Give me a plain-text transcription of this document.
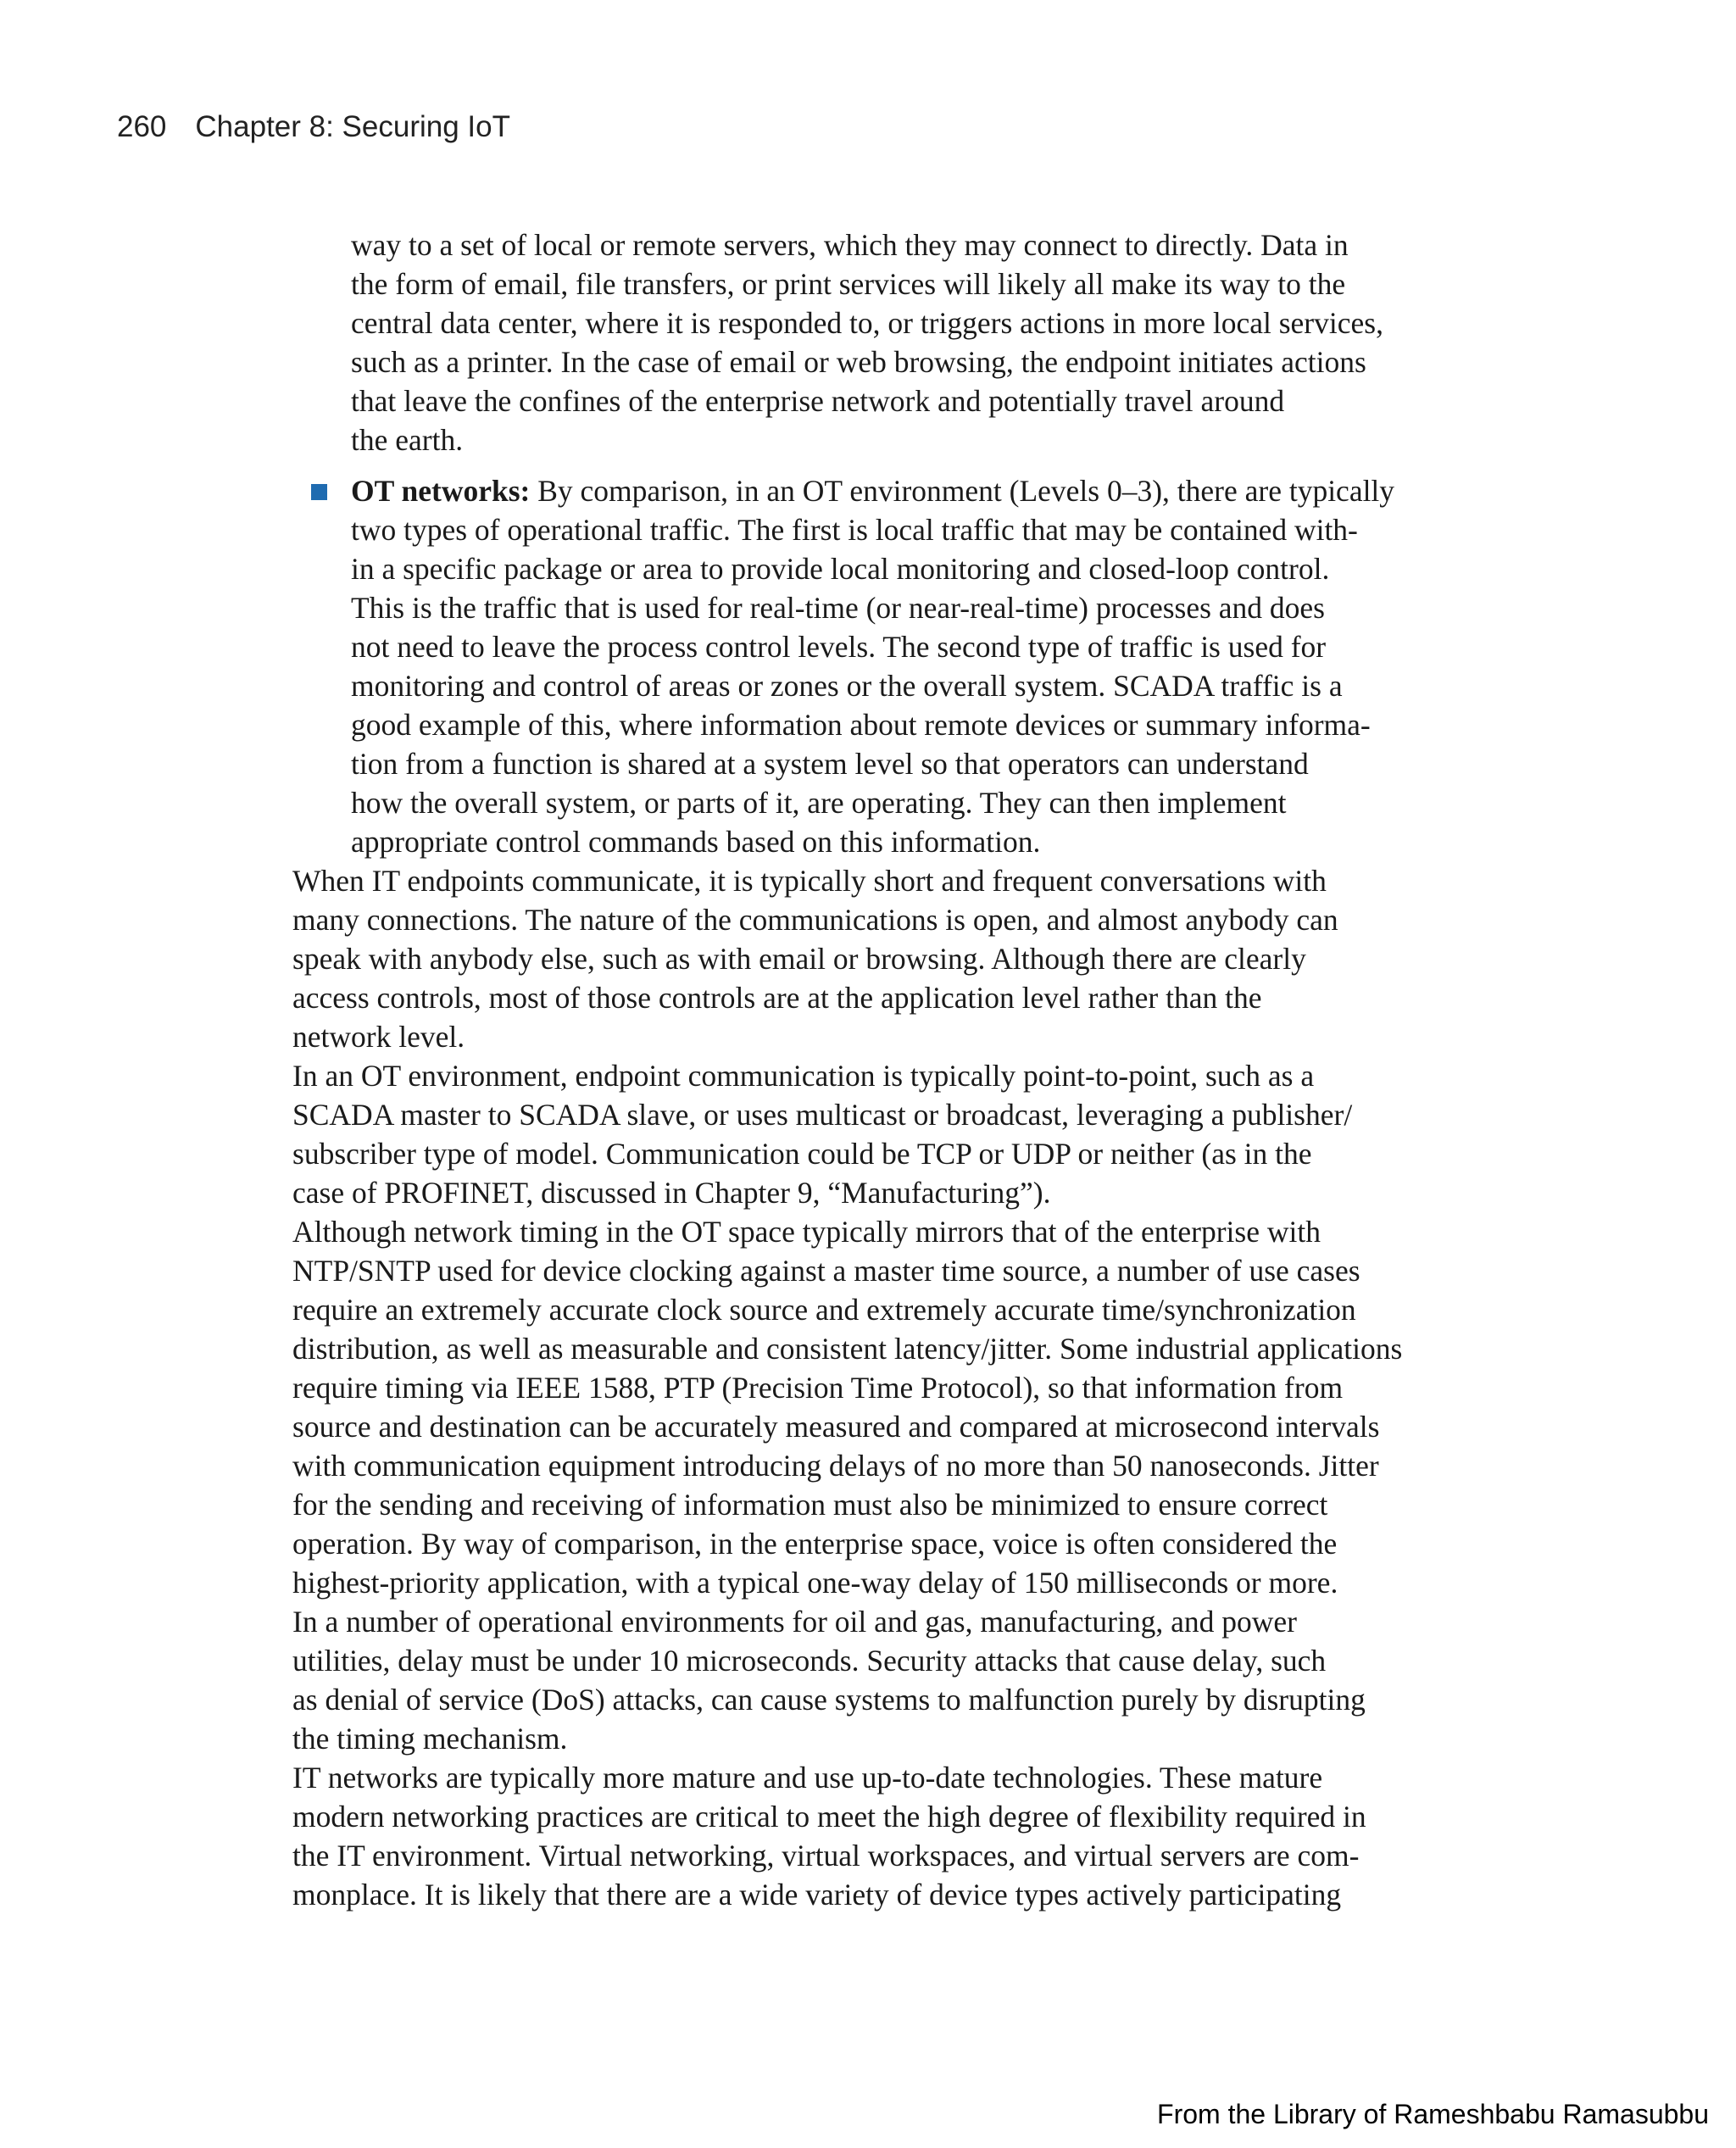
260 Chapter 8: Securing IoT
way to a set of local or remote servers, which they may connect to directly. Data in
the form of email, file transfers, or print services will likely all make its way to the
central data center, where it is responded to, or triggers actions in more local services,
such as a printer. In the case of email or web browsing, the endpoint initiates actions
that leave the confines of the enterprise network and potentially travel around
the earth.
OT networks: By comparison, in an OT environment (Levels 0–3), there are typically
two types of operational traffic. The first is local traffic that may be contained with-
in a specific package or area to provide local monitoring and closed-loop control.
This is the traffic that is used for real-time (or near-real-time) processes and does
not need to leave the process control levels. The second type of traffic is used for
monitoring and control of areas or zones or the overall system. SCADA traffic is a
good example of this, where information about remote devices or summary informa-
tion from a function is shared at a system level so that operators can understand
how the overall system, or parts of it, are operating. They can then implement
appropriate control commands based on this information.

When IT endpoints communicate, it is typically short and frequent conversations with
many connections. The nature of the communications is open, and almost anybody can
speak with anybody else, such as with email or browsing. Although there are clearly
access controls, most of those controls are at the application level rather than the
network level.

In an OT environment, endpoint communication is typically point-to-point, such as a
SCADA master to SCADA slave, or uses multicast or broadcast, leveraging a publisher/
subscriber type of model. Communication could be TCP or UDP or neither (as in the
case of PROFINET, discussed in Chapter 9, “Manufacturing”).

Although network timing in the OT space typically mirrors that of the enterprise with
NTP/SNTP used for device clocking against a master time source, a number of use cases
require an extremely accurate clock source and extremely accurate time/synchronization
distribution, as well as measurable and consistent latency/jitter. Some industrial applications
require timing via IEEE 1588, PTP (Precision Time Protocol), so that information from
source and destination can be accurately measured and compared at microsecond intervals
with communication equipment introducing delays of no more than 50 nanoseconds. Jitter
for the sending and receiving of information must also be minimized to ensure correct
operation. By way of comparison, in the enterprise space, voice is often considered the
highest-priority application, with a typical one-way delay of 150 milliseconds or more.
In a number of operational environments for oil and gas, manufacturing, and power
utilities, delay must be under 10 microseconds. Security attacks that cause delay, such
as denial of service (DoS) attacks, can cause systems to malfunction purely by disrupting
the timing mechanism.

IT networks are typically more mature and use up-to-date technologies. These mature
modern networking practices are critical to meet the high degree of flexibility required in
the IT environment. Virtual networking, virtual workspaces, and virtual servers are com-
monplace. It is likely that there are a wide variety of device types actively participating

From the Library of Rameshbabu Ramasubbu
